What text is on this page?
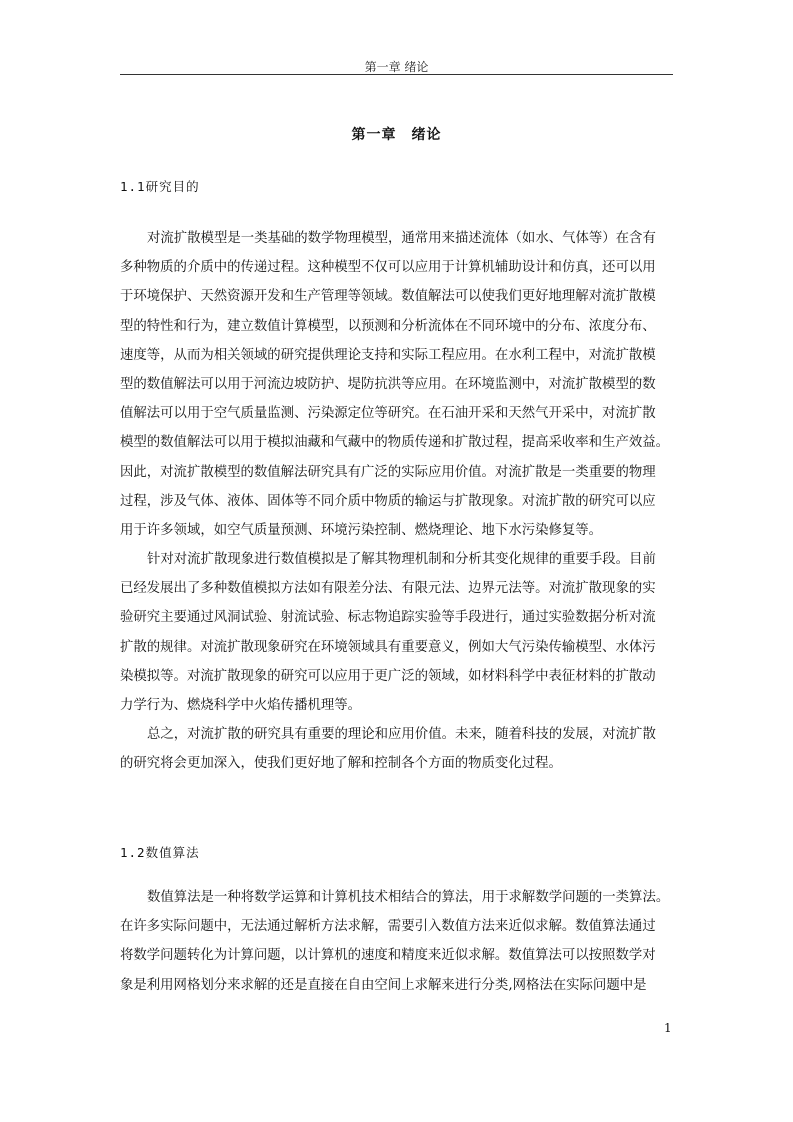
第一章 绪论
第一章　绪论
1.1研究目的
对流扩散模型是一类基础的数学物理模型，通常用来描述流体（如水、气体等）在含有
多种物质的介质中的传递过程。这种模型不仅可以应用于计算机辅助设计和仿真，还可以用
于环境保护、天然资源开发和生产管理等领域。数值解法可以使我们更好地理解对流扩散模
型的特性和行为，建立数值计算模型，以预测和分析流体在不同环境中的分布、浓度分布、
速度等，从而为相关领域的研究提供理论支持和实际工程应用。在水利工程中，对流扩散模
型的数值解法可以用于河流边坡防护、堤防抗洪等应用。在环境监测中，对流扩散模型的数
值解法可以用于空气质量监测、污染源定位等研究。在石油开采和天然气开采中，对流扩散
模型的数值解法可以用于模拟油藏和气藏中的物质传递和扩散过程，提高采收率和生产效益。
因此，对流扩散模型的数值解法研究具有广泛的实际应用价值。对流扩散是一类重要的物理
过程，涉及气体、液体、固体等不同介质中物质的输运与扩散现象。对流扩散的研究可以应
用于许多领域，如空气质量预测、环境污染控制、燃烧理论、地下水污染修复等。
针对对流扩散现象进行数值模拟是了解其物理机制和分析其变化规律的重要手段。目前
已经发展出了多种数值模拟方法如有限差分法、有限元法、边界元法等。对流扩散现象的实
验研究主要通过风洞试验、射流试验、标志物追踪实验等手段进行，通过实验数据分析对流
扩散的规律。对流扩散现象研究在环境领域具有重要意义，例如大气污染传输模型、水体污
染模拟等。对流扩散现象的研究可以应用于更广泛的领域，如材料科学中表征材料的扩散动
力学行为、燃烧科学中火焰传播机理等。
总之，对流扩散的研究具有重要的理论和应用价值。未来，随着科技的发展，对流扩散
的研究将会更加深入，使我们更好地了解和控制各个方面的物质变化过程。
1.2数值算法
数值算法是一种将数学运算和计算机技术相结合的算法，用于求解数学问题的一类算法。
在许多实际问题中，无法通过解析方法求解，需要引入数值方法来近似求解。数值算法通过
将数学问题转化为计算问题，以计算机的速度和精度来近似求解。数值算法可以按照数学对
象是利用网格划分来求解的还是直接在自由空间上求解来进行分类,网格法在实际问题中是
1
